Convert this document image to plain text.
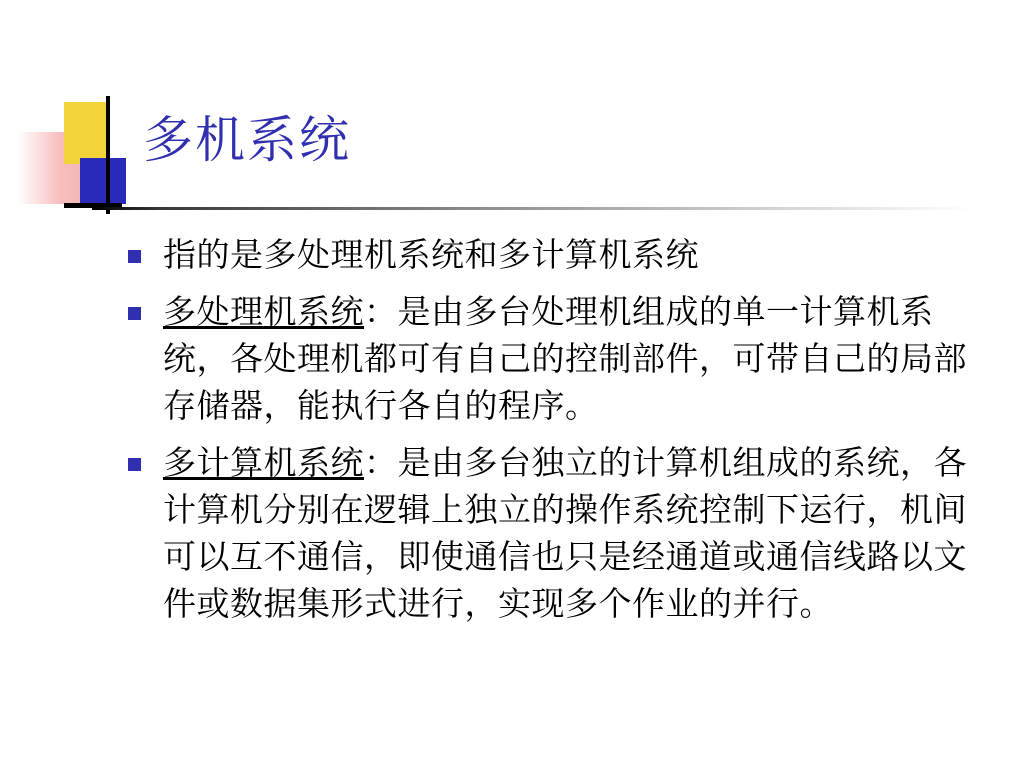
多机系统
指的是多处理机系统和多计算机系统
多处理机系统：是由多台处理机组成的单一计算机系统，各处理机都可有自己的控制部件，可带自己的局部存储器，能执行各自的程序。
多计算机系统：是由多台独立的计算机组成的系统，各计算机分别在逻辑上独立的操作系统控制下运行，机间可以互不通信，即使通信也只是经通道或通信线路以文件或数据集形式进行，实现多个作业的并行。
